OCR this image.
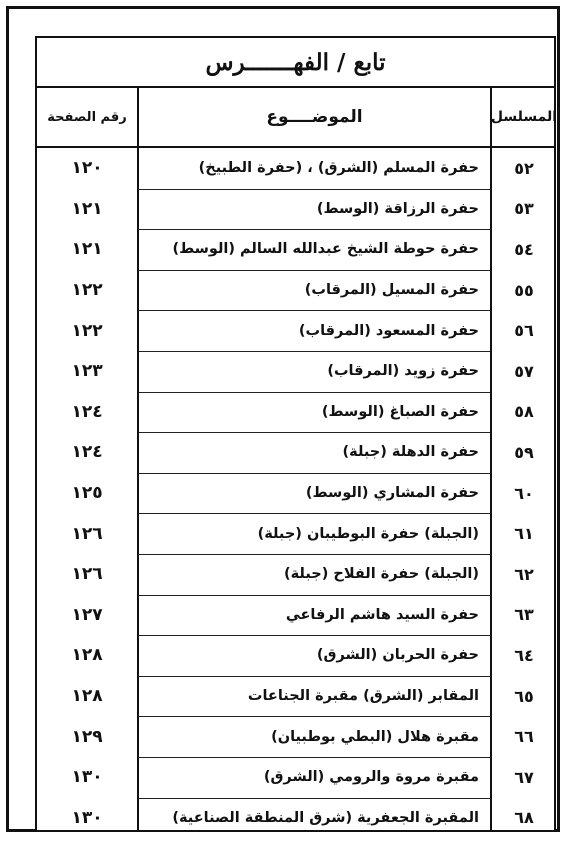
تابع / الفهـــــــرس
رقم الصفحة	الموضــــوع	المسلسل
١٢٠	حفرة المسلم (الشرق) ، (حفرة الطبيخ)	٥٢
١٢١	حفرة الرزاقة (الوسط)	٥٣
١٢١	حفرة حوطة الشيخ عبدالله السالم (الوسط)	٥٤
١٢٢	حفرة المسيل (المرقاب)	٥٥
١٢٢	حفرة المسعود (المرقاب)	٥٦
١٢٣	حفرة زويد (المرقاب)	٥٧
١٢٤	حفرة الصباغ (الوسط)	٥٨
١٢٤	حفرة الدهلة (جبلة)	٥٩
١٢٥	حفرة المشاري (الوسط)	٦٠
١٢٦	(الجبلة) حفرة البوطيبان (جبلة)	٦١
١٢٦	(الجبلة) حفرة الفلاح (جبلة)	٦٢
١٢٧	حفرة السيد هاشم الرفاعي	٦٣
١٢٨	حفرة الحربان (الشرق)	٦٤
١٢٨	المقابر (الشرق) مقبرة الجناعات	٦٥
١٢٩	مقبرة هلال (البطي بوطبيان)	٦٦
١٣٠	مقبرة مروة والرومي (الشرق)	٦٧
١٣٠	المقبرة الجعفرية (شرق المنطقة الصناعية)	٦٨
